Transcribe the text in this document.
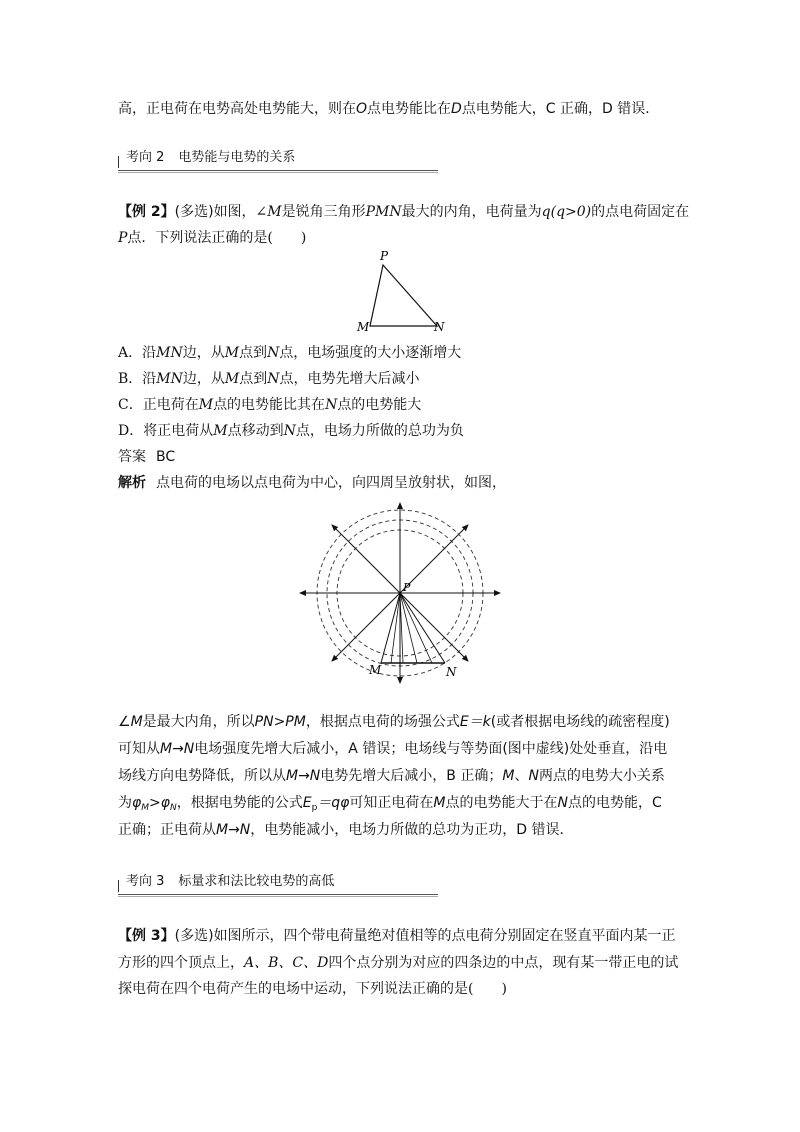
高，正电荷在电势高处电势能大，则在O点电势能比在D点电势能大，C 正确，D 错误．
考向 2 电势能与电势的关系
【例 2】(多选)如图，∠M是锐角三角形PMN最大的内角，电荷量为q(q>0)的点电荷固定在
P点．下列说法正确的是(　　)
P
M	N
A．沿MN边，从M点到N点，电场强度的大小逐渐增大
B．沿MN边，从M点到N点，电势先增大后减小
C．正电荷在M点的电势能比其在N点的电势能大
D．将正电荷从M点移动到N点，电场力所做的总功为负
答案 BC
解析 点电荷的电场以点电荷为中心，向四周呈放射状，如图，
P
M	N
∠M是最大内角，所以PN>PM，根据点电荷的场强公式E＝k(或者根据电场线的疏密程度)
可知从M→N电场强度先增大后减小，A 错误；电场线与等势面(图中虚线)处处垂直，沿电
场线方向电势降低，所以从M→N电势先增大后减小，B 正确；M、N两点的电势大小关系
为$\varphi_M>\varphi_N$，根据电势能的公式$E_p=q\varphi$可知正电荷在M点的电势能大于在N点的电势能，C
正确；正电荷从M→N，电势能减小，电场力所做的总功为正功，D 错误．
考向 3 标量求和法比较电势的高低
【例 3】(多选)如图所示，四个带电荷量绝对值相等的点电荷分别固定在竖直平面内某一正
方形的四个顶点上，A、B、C、D四个点分别为对应的四条边的中点，现有某一带正电的试
探电荷在四个电荷产生的电场中运动，下列说法正确的是(　　)
